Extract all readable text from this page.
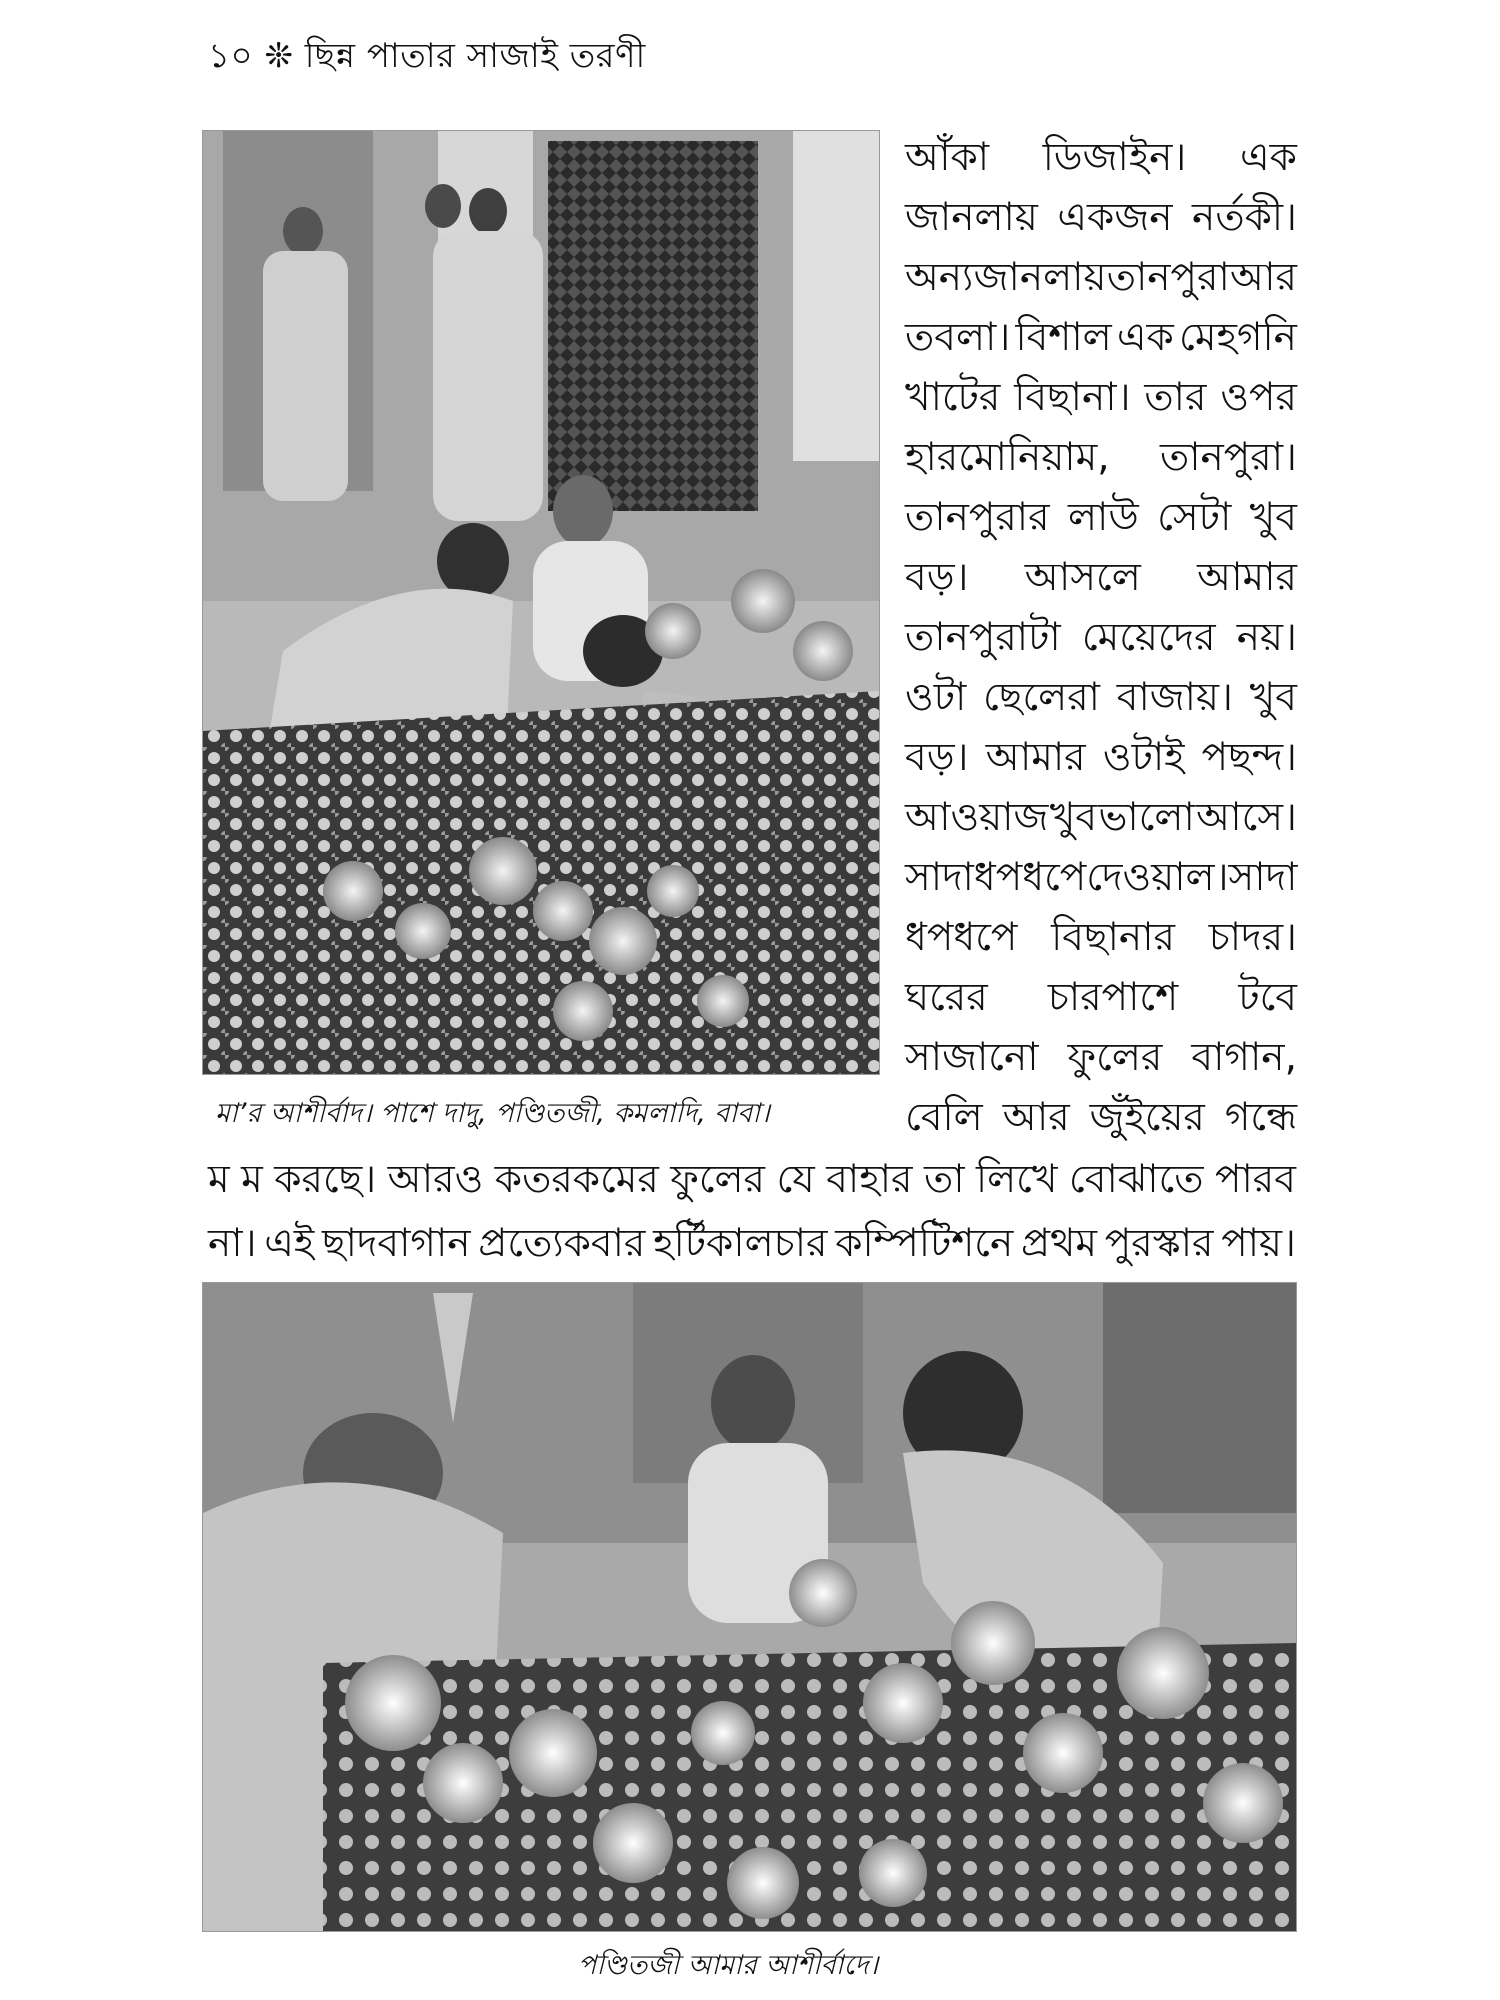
১০ ❊ ছিন্ন পাতার সাজাই তরণী
মা’র আশীর্বাদ। পাশে দাদু, পণ্ডিতজী, কমলাদি, বাবা।
আঁকা ডিজাইন। এক
জানলায় একজন নর্তকী।
অন্য জানলায় তানপুরা আর
তবলা। বিশাল এক মেহগনি
খাটের বিছানা। তার ওপর
হারমোনিয়াম, তানপুরা।
তানপুরার লাউ সেটা খুব
বড়। আসলে আমার
তানপুরাটা মেয়েদের নয়।
ওটা ছেলেরা বাজায়। খুব
বড়। আমার ওটাই পছন্দ।
আওয়াজ খুব ভালো আসে।
সাদা ধপধপে দেওয়াল। সাদা
ধপধপে বিছানার চাদর।
ঘরের চারপাশে টবে
সাজানো ফুলের বাগান,
বেলি আর জুঁইয়ের গন্ধে
ম ম করছে। আরও কতরকমের ফুলের যে বাহার তা লিখে বোঝাতে পারব
না। এই ছাদবাগান প্রত্যেকবার হর্টিকালচার কম্পিটিশনে প্রথম পুরস্কার পায়।
পণ্ডিতজী আমার আশীর্বাদে।
